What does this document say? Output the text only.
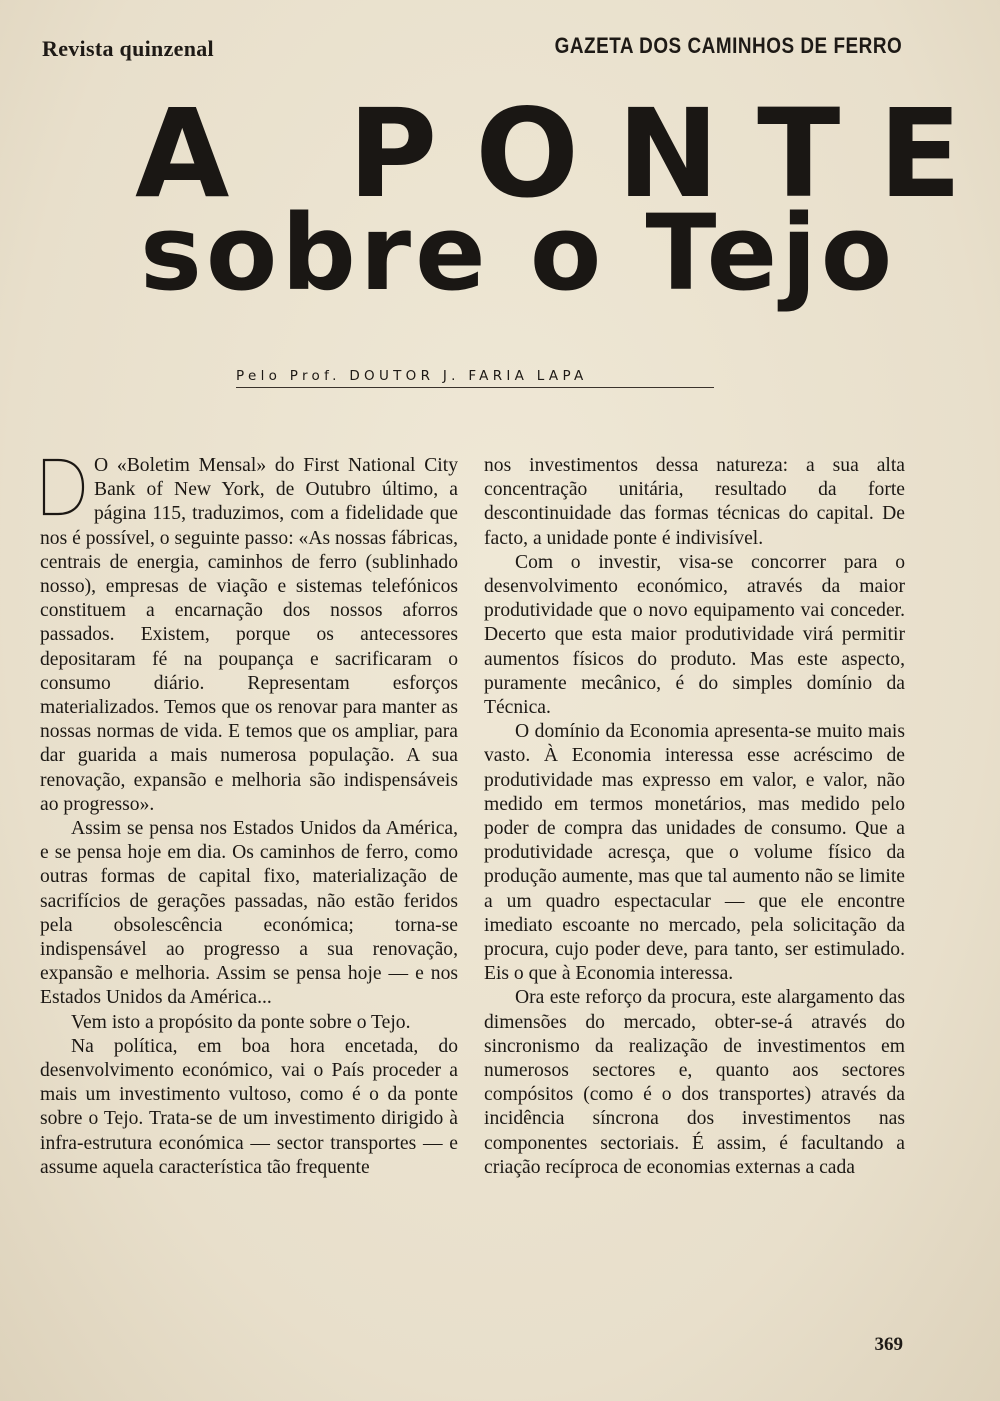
Revista quinzenal	GAZETA DOS CAMINHOS DE FERRO
A PONTE
sobre o Tejo
Pelo Prof. DOUTOR J. FARIA LAPA

O «Boletim Mensal» do First National City Bank of New York, de Outubro último, a página 115, traduzimos, com a fidelidade que nos é possível, o seguinte passo: «As nossas fábricas, centrais de energia, caminhos de ferro (sublinhado nosso), empresas de viação e sistemas telefónicos constituem a encarnação dos nossos aforros passados. Existem, porque os antecessores depositaram fé na poupança e sacrificaram o consumo diário. Representam esforços materializados. Temos que os renovar para manter as nossas normas de vida. E temos que os ampliar, para dar guarida a mais numerosa população. A sua renovação, expansão e melhoria são indispensáveis ao progresso».

Assim se pensa nos Estados Unidos da América, e se pensa hoje em dia. Os caminhos de ferro, como outras formas de capital fixo, materialização de sacrifícios de gerações passadas, não estão feridos pela obsolescência económica; torna-se indispensável ao progresso a sua renovação, expansão e melhoria. Assim se pensa hoje — e nos Estados Unidos da América...

Vem isto a propósito da ponte sobre o Tejo.

Na política, em boa hora encetada, do desenvolvimento económico, vai o País proceder a mais um investimento vultoso, como é o da ponte sobre o Tejo. Trata-se de um investimento dirigido à infra-estrutura económica — sector transportes — e assume aquela característica tão frequente

nos investimentos dessa natureza: a sua alta concentração unitária, resultado da forte descontinuidade das formas técnicas do capital. De facto, a unidade ponte é indivisível.

Com o investir, visa-se concorrer para o desenvolvimento económico, através da maior produtividade que o novo equipamento vai conceder. Decerto que esta maior produtividade virá permitir aumentos físicos do produto. Mas este aspecto, puramente mecânico, é do simples domínio da Técnica.

O domínio da Economia apresenta-se muito mais vasto. À Economia interessa esse acréscimo de produtividade mas expresso em valor, e valor, não medido em termos monetários, mas medido pelo poder de compra das unidades de consumo. Que a produtividade acresça, que o volume físico da produção aumente, mas que tal aumento não se limite a um quadro espectacular — que ele encontre imediato escoante no mercado, pela solicitação da procura, cujo poder deve, para tanto, ser estimulado. Eis o que à Economia interessa.

Ora este reforço da procura, este alargamento das dimensões do mercado, obter-se-á através do sincronismo da realização de investimentos em numerosos sectores e, quanto aos sectores compósitos (como é o dos transportes) através da incidência síncrona dos investimentos nas componentes sectoriais. É assim, é facultando a criação recíproca de economias externas a cada

369
